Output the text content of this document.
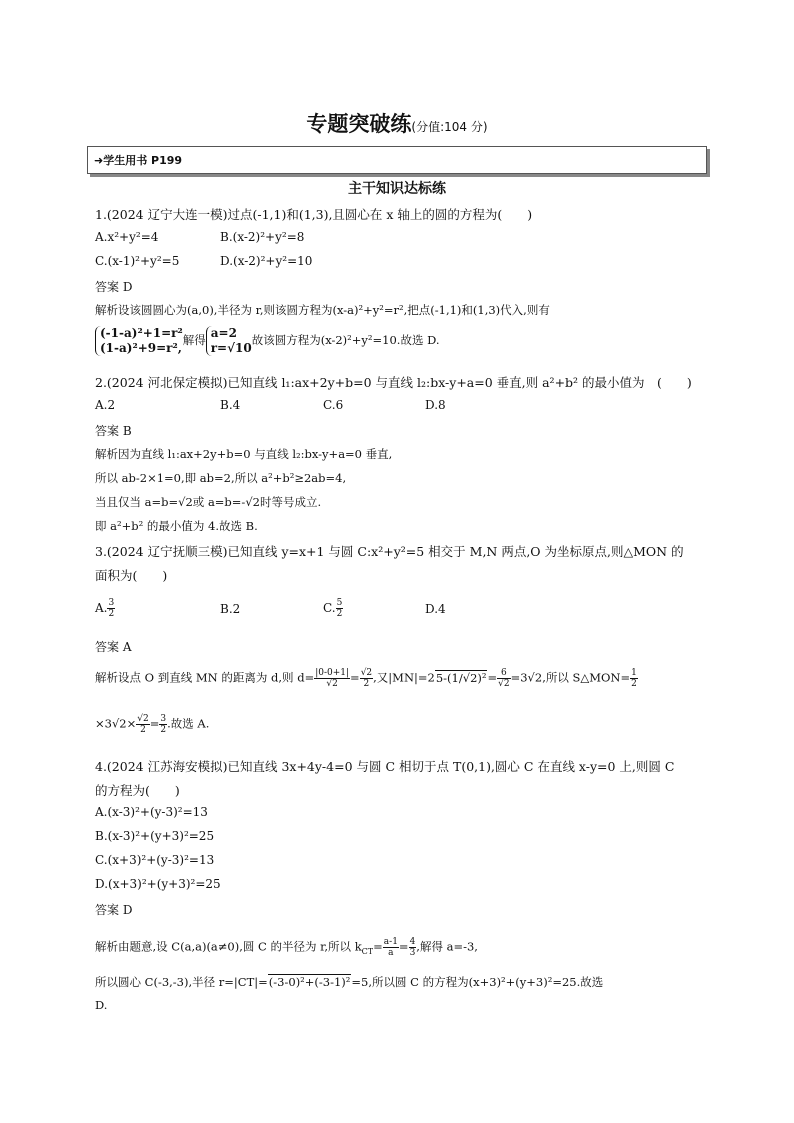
专题突破练(分值:104 分)
➜学生用书 P199
主干知识达标练
1.(2024 辽宁大连一模)过点(-1,1)和(1,3),且圆心在 x 轴上的圆的方程为(　　)
A.x²+y²=4	B.(x-2)²+y²=8
C.(x-1)²+y²=5	D.(x-2)²+y²=10
答案 D
解析设该圆圆心为(a,0),半径为 r,则该圆方程为(x-a)²+y²=r²,把点(-1,1)和(1,3)代入,则有
(-1-a)²+1=r²
(1-a)²+9=r²,
解得 a=2
r=√10
故该圆方程为(x-2)²+y²=10.故选 D.
2.(2024 河北保定模拟)已知直线 l₁:ax+2y+b=0 与直线 l₂:bx-y+a=0 垂直,则 a²+b² 的最小值为　(　　)
A.2	B.4	C.6	D.8
答案 B
解析因为直线 l₁:ax+2y+b=0 与直线 l₂:bx-y+a=0 垂直,
所以 ab-2×1=0,即 ab=2,所以 a²+b²≥2ab=4,
当且仅当 a=b=√2或 a=b=-√2时等号成立.
即 a²+b² 的最小值为 4.故选 B.
3.(2024 辽宁抚顺三模)已知直线 y=x+1 与圆 C:x²+y²=5 相交于 M,N 两点,O 为坐标原点,则△MON 的
面积为(　　)
A. $\frac{3}{2}$	B.2	C. $\frac{5}{2}$	D.4
答案 A
解析设点 O 到直线 MN 的距离为 d,则 $d= \frac{|0-0+1|}{√2} = \frac{√2}{2}$ ,又$|MN|=25-(1/√2)^2= \frac{6}{√2} =3√2$,所以 S△MON= $\frac{1}{2}$
$\times 3√2\times \frac{√2}{2} = \frac{3}{2}$ .故选 A.
4.(2024 江苏海安模拟)已知直线 3x+4y-4=0 与圆 C 相切于点 T(0,1),圆心 C 在直线 x-y=0 上,则圆 C
的方程为(　　)
A.(x-3)²+(y-3)²=13
B.(x-3)²+(y+3)²=25
C.(x+3)²+(y-3)²=13
D.(x+3)²+(y+3)²=25
答案 D
解析由题意,设 C(a,a)(a≠0),圆 C 的半径为 r,所以 $k_{CT}= \frac{a-1}{a} = \frac{4}{3}$ ,解得 a=-3,
所以圆心 C(-3,-3),半径 r=|CT|=(-3-0)²+(-3-1)²=5,所以圆 C 的方程为(x+3)²+(y+3)²=25.故选
D.
